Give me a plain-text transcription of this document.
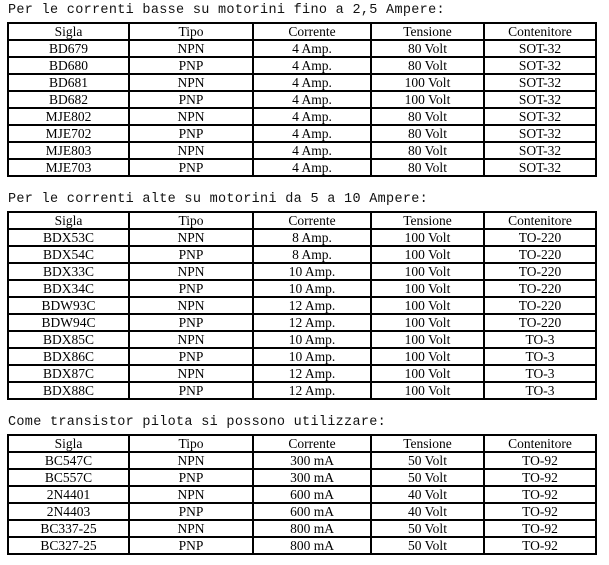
Per le correnti basse su motorini fino a 2,5 Ampere:

Sigla	Tipo	Corrente	Tensione	Contenitore
BD679	NPN	4 Amp.	80 Volt	SOT-32
BD680	PNP	4 Amp.	80 Volt	SOT-32
BD681	NPN	4 Amp.	100 Volt	SOT-32
BD682	PNP	4 Amp.	100 Volt	SOT-32
MJE802	NPN	4 Amp.	80 Volt	SOT-32
MJE702	PNP	4 Amp.	80 Volt	SOT-32
MJE803	NPN	4 Amp.	80 Volt	SOT-32
MJE703	PNP	4 Amp.	80 Volt	SOT-32

Per le correnti alte su motorini da 5 a 10 Ampere:

Sigla	Tipo	Corrente	Tensione	Contenitore
BDX53C	NPN	8 Amp.	100 Volt	TO-220
BDX54C	PNP	8 Amp.	100 Volt	TO-220
BDX33C	NPN	10 Amp.	100 Volt	TO-220
BDX34C	PNP	10 Amp.	100 Volt	TO-220
BDW93C	NPN	12 Amp.	100 Volt	TO-220
BDW94C	PNP	12 Amp.	100 Volt	TO-220
BDX85C	NPN	10 Amp.	100 Volt	TO-3
BDX86C	PNP	10 Amp.	100 Volt	TO-3
BDX87C	NPN	12 Amp.	100 Volt	TO-3
BDX88C	PNP	12 Amp.	100 Volt	TO-3

Come transistor pilota si possono utilizzare:

Sigla	Tipo	Corrente	Tensione	Contenitore
BC547C	NPN	300 mA	50 Volt	TO-92
BC557C	PNP	300 mA	50 Volt	TO-92
2N4401	NPN	600 mA	40 Volt	TO-92
2N4403	PNP	600 mA	40 Volt	TO-92
BC337-25	NPN	800 mA	50 Volt	TO-92
BC327-25	PNP	800 mA	50 Volt	TO-92
